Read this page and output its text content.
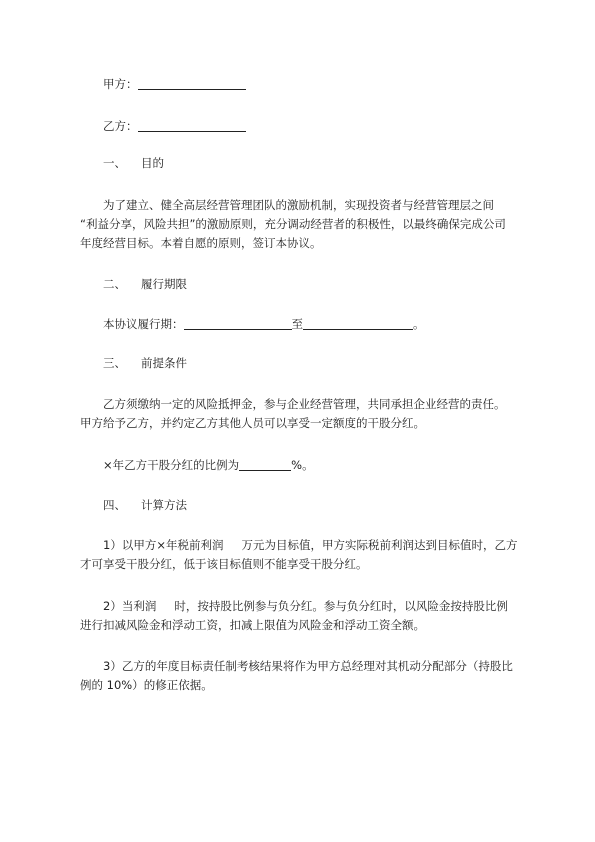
甲方：
乙方：
一、 目的
为了建立、健全高层经营管理团队的激励机制，实现投资者与经营管理层之间
“利益分享，风险共担”的激励原则，充分调动经营者的积极性，以最终确保完成公司
年度经营目标。本着自愿的原则，签订本协议。
二、 履行期限
本协议履行期：	至	。
三、 前提条件
乙方须缴纳一定的风险抵押金，参与企业经营管理，共同承担企业经营的责任。
甲方给予乙方，并约定乙方其他人员可以享受一定额度的干股分红。
×年乙方干股分红的比例为	%。
四、 计算方法
1）以甲方×年税前利润 万元为目标值，甲方实际税前利润达到目标值时，乙方
才可享受干股分红，低于该目标值则不能享受干股分红。
2）当利润 时，按持股比例参与负分红。参与负分红时，以风险金按持股比例
进行扣减风险金和浮动工资，扣减上限值为风险金和浮动工资全额。
3）乙方的年度目标责任制考核结果将作为甲方总经理对其机动分配部分（持股比
例的 10%）的修正依据。
